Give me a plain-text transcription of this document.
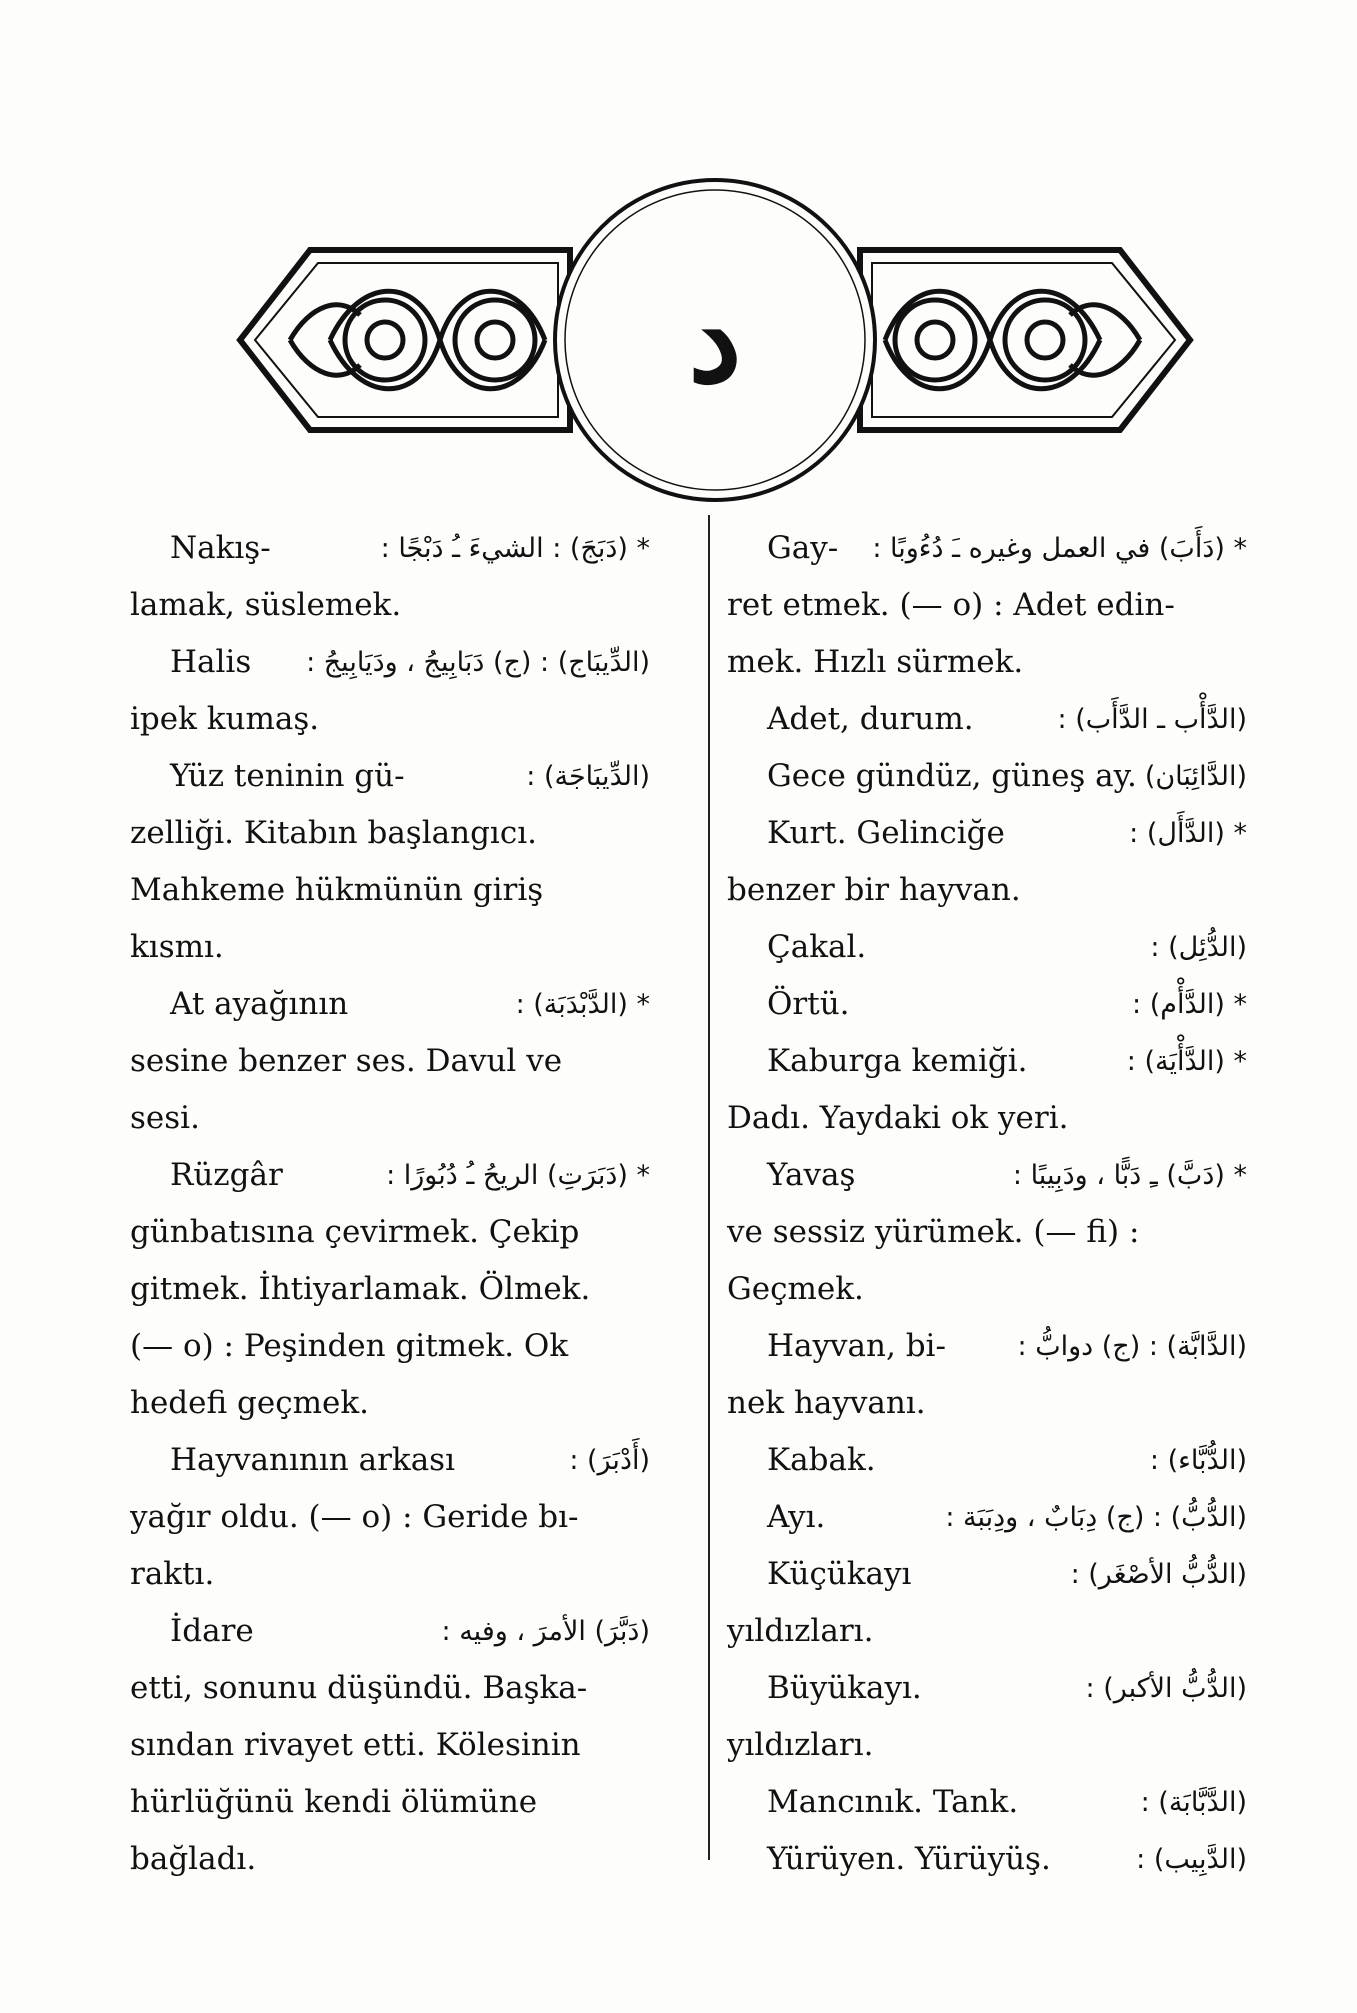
د
Nakış-	* (دَبَجَ) : الشيءَ ـُ دَبْجًا :
lamak, süslemek.
Halis (الدِّيبَاج) : (ج) دَبَابِيجُ ، ودَيَابِيجُ :
ipek kumaş.
Yüz teninin gü-	(الدِّيبَاجَة) :
zelliği. Kitabın başlangıcı.
Mahkeme hükmünün giriş
kısmı.
At ayağının	* (الدَّبْدَبَة) :
sesine benzer ses. Davul ve
sesi.
Rüzgâr	* (دَبَرَتِ) الريحُ ـُ دُبُورًا :
günbatısına çevirmek. Çekip
gitmek. İhtiyarlamak. Ölmek.
(— o) : Peşinden gitmek. Ok
hedefi geçmek.
Hayvanının arkası	(أَدْبَرَ) :
yağır oldu. (— o) : Geride bı-
raktı.
İdare	(دَبَّرَ) الأمرَ ، وفيه :
etti, sonunu düşündü. Başka-
sından rivayet etti. Kölesinin
hürlüğünü kendi ölümüne
bağladı.
Gay- * (دَأَبَ) في العمل وغيره ـَ دُءُوبًا :
ret etmek. (— o) : Adet edin-
mek. Hızlı sürmek.
Adet, durum.	(الدَّأْب ـ الدَّأَب) :
Gece gündüz, güneş ay. (الدَّائِبَان)
Kurt. Gelinciğe	* (الدَّأَل) :
benzer bir hayvan.
Çakal.	(الدُّئِل) :
Örtü.	* (الدَّأْم) :
Kaburga kemiği.	* (الدَّأْيَة) :
Dadı. Yaydaki ok yeri.
Yavaş	* (دَبَّ) ـِ دَبًّا ، ودَبِيبًا :
ve sessiz yürümek. (— fi) :
Geçmek.
Hayvan, bi-	(الدَّابَّة) : (ج) دوابُّ :
nek hayvanı.
Kabak.	(الدُّبَّاء) :
Ayı.	(الدُّبُّ) : (ج) دِبَابٌ ، ودِبَبَة :
Küçükayı	(الدُّبُّ الأصْغَر) :
yıldızları.
Büyükayı.	(الدُّبُّ الأكبر) :
yıldızları.
Mancınık. Tank.	(الدَّبَّابَة) :
Yürüyen. Yürüyüş.	(الدَّبِيب) :
